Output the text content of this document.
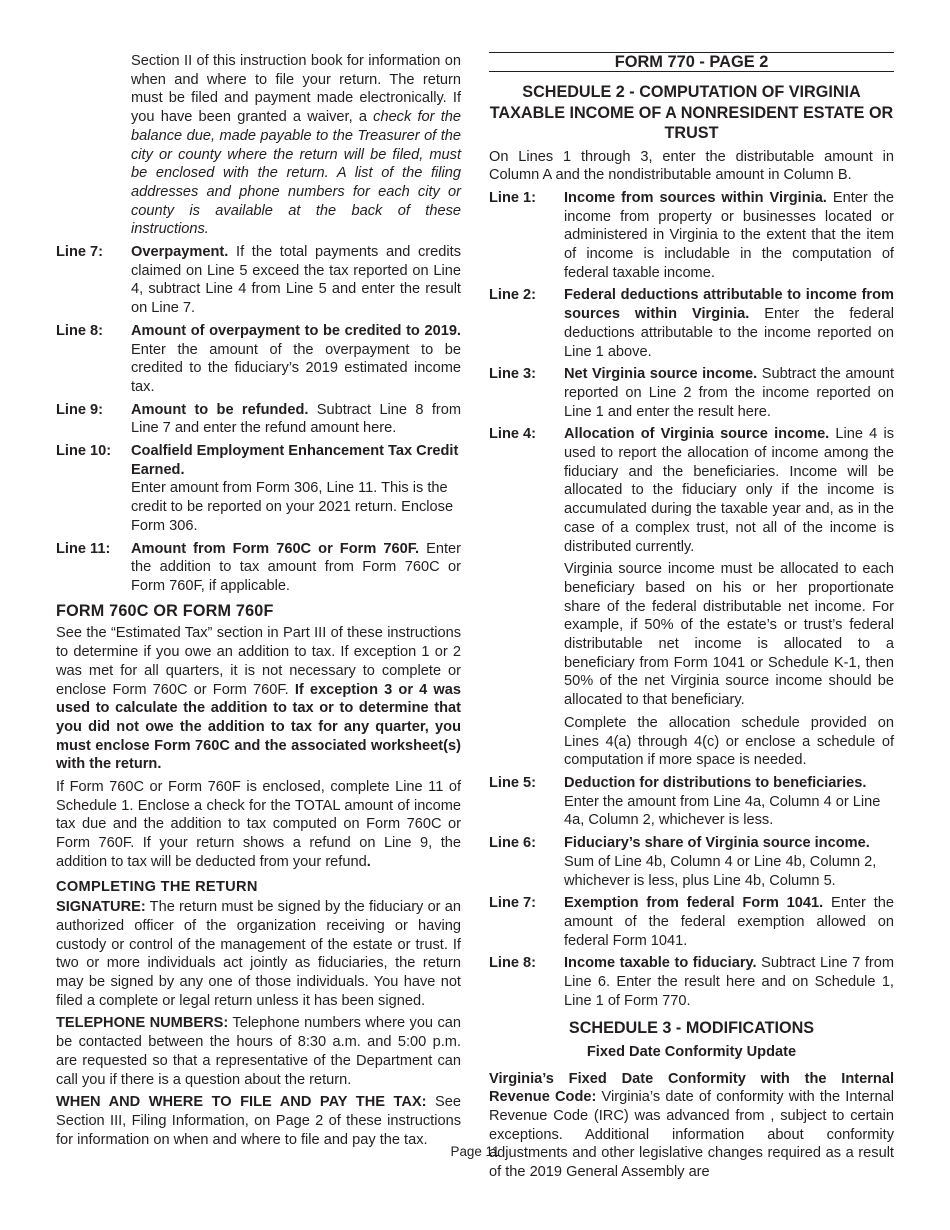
Section II of this instruction book for information on when and where to file your return. The return must be filed and payment made electronically. If you have been granted a waiver, a check for the balance due, made payable to the Treasurer of the city or county where the return will be filed, must be enclosed with the return. A list of the filing addresses and phone numbers for each city or county is available at the back of these instructions.

Line 7:	Overpayment. If the total payments and credits claimed on Line 5 exceed the tax reported on Line 4, subtract Line 4 from Line 5 and enter the result on Line 7.
Line 8:	Amount of overpayment to be credited to 2019. Enter the amount of the overpayment to be credited to the fiduciary’s 2019 estimated income tax.
Line 9:	Amount to be refunded. Subtract Line 8 from Line 7 and enter the refund amount here.
Line 10:	Coalfield Employment Enhancement Tax Credit Earned.
Enter amount from Form 306, Line 11. This is the credit to be reported on your 2021 return. Enclose Form 306.
Line 11:	Amount from Form 760C or Form 760F. Enter the addition to tax amount from Form 760C or Form 760F, if applicable.
FORM 760C OR FORM 760F

See the “Estimated Tax” section in Part III of these instructions to determine if you owe an addition to tax. If exception 1 or 2 was met for all quarters, it is not necessary to complete or enclose Form 760C or Form 760F. If exception 3 or 4 was used to calculate the addition to tax or to determine that you did not owe the addition to tax for any quarter, you must enclose Form 760C and the associated worksheet(s) with the return.

If Form 760C or Form 760F is enclosed, complete Line 11 of Schedule 1. Enclose a check for the TOTAL amount of income tax due and the addition to tax computed on Form 760C or Form 760F. If your return shows a refund on Line 9, the addition to tax will be deducted from your refund.

COMPLETING THE RETURN

SIGNATURE: The return must be signed by the fiduciary or an authorized officer of the organization receiving or having custody or control of the management of the estate or trust. If two or more individuals act jointly as fiduciaries, the return may be signed by any one of those individuals. You have not filed a complete or legal return unless it has been signed.

TELEPHONE NUMBERS: Telephone numbers where you can be contacted between the hours of 8:30 a.m. and 5:00 p.m. are requested so that a representative of the Department can call you if there is a question about the return.

WHEN AND WHERE TO FILE AND PAY THE TAX: See Section III, Filing Information, on Page 2 of these instructions for information on when and where to file and pay the tax.

FORM 770 - PAGE 2
SCHEDULE 2 - COMPUTATION OF VIRGINIA TAXABLE INCOME OF A NONRESIDENT ESTATE OR TRUST

On Lines 1 through 3, enter the distributable amount in Column A and the nondistributable amount in Column B.

Line 1:	Income from sources within Virginia. Enter the income from property or businesses located or administered in Virginia to the extent that the item of income is includable in the computation of federal taxable income.
Line 2:	Federal deductions attributable to income from sources within Virginia. Enter the federal deductions attributable to the income reported on Line 1 above.
Line 3:	Net Virginia source income. Subtract the amount reported on Line 2 from the income reported on Line 1 and enter the result here.
Line 4:	Allocation of Virginia source income. Line 4 is used to report the allocation of income among the fiduciary and the beneficiaries. Income will be allocated to the fiduciary only if the income is accumulated during the taxable year and, as in the case of a complex trust, not all of the income is distributed currently.
Virginia source income must be allocated to each beneficiary based on his or her proportionate share of the federal distributable net income. For example, if 50% of the estate’s or trust’s federal distributable net income is allocated to a beneficiary from Form 1041 or Schedule K-1, then 50% of the net Virginia source income should be allocated to that beneficiary.
Complete the allocation schedule provided on Lines 4(a) through 4(c) or enclose a schedule of computation if more space is needed.
Line 5:	Deduction for distributions to beneficiaries. Enter the amount from Line 4a, Column 4 or Line 4a, Column 2, whichever is less.
Line 6:	Fiduciary’s share of Virginia source income. Sum of Line 4b, Column 4 or Line 4b, Column 2, whichever is less, plus Line 4b, Column 5.
Line 7:	Exemption from federal Form 1041. Enter the amount of the federal exemption allowed on federal Form 1041.
Line 8:	Income taxable to fiduciary. Subtract Line 7 from Line 6. Enter the result here and on Schedule 1, Line 1 of Form 770.
SCHEDULE 3 - MODIFICATIONS
Fixed Date Conformity Update

Virginia’s Fixed Date Conformity with the Internal Revenue Code: Virginia’s date of conformity with the Internal Revenue Code (IRC) was advanced from , subject to certain exceptions. Additional information about conformity adjustments and other legislative changes required as a result of the 2019 General Assembly are

Page 11
